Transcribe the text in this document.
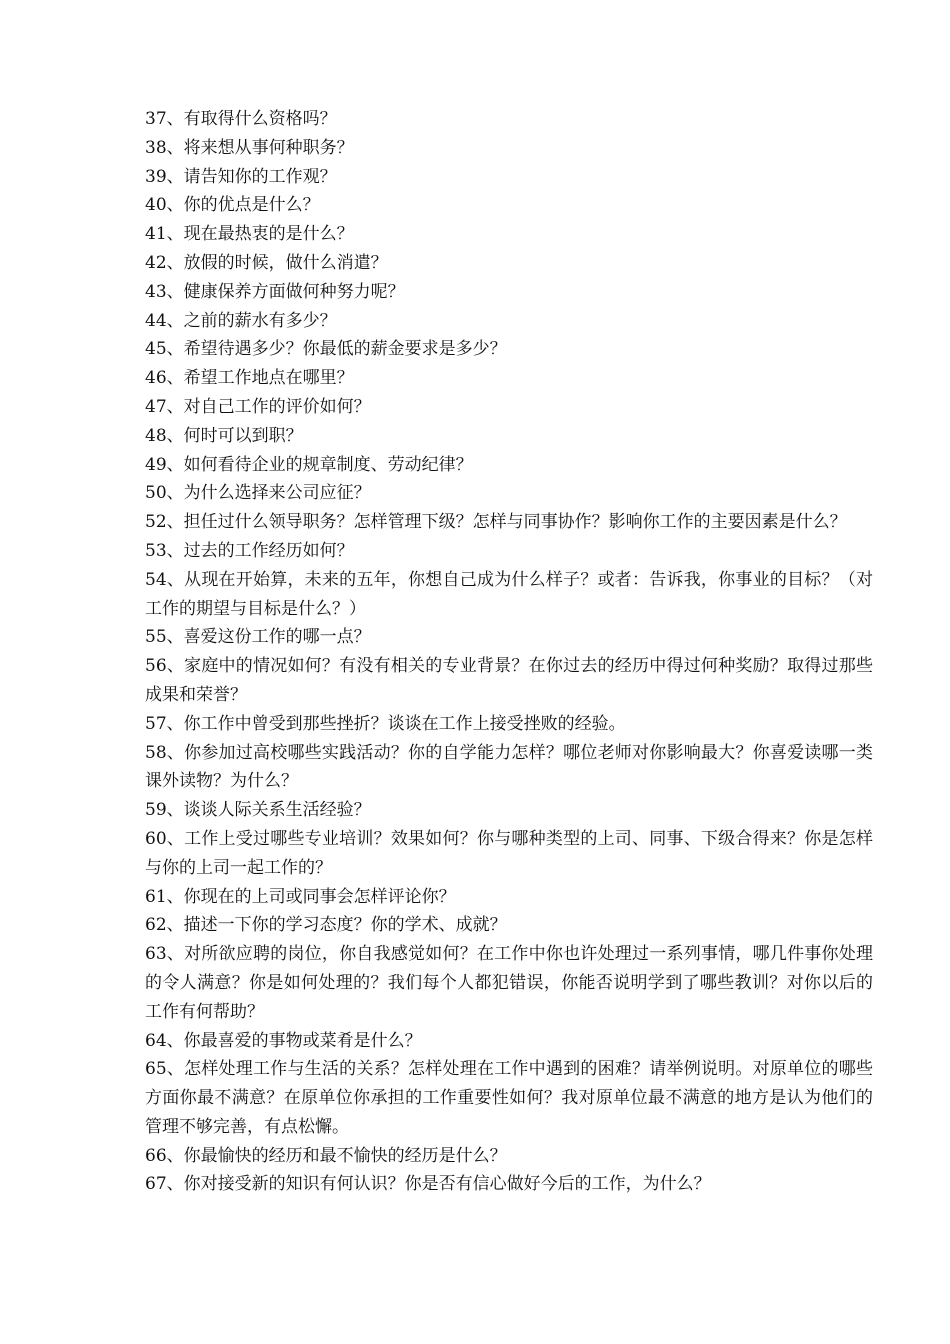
37、有取得什么资格吗？

38、将来想从事何种职务？

39、请告知你的工作观？

40、你的优点是什么？

41、现在最热衷的是什么？

42、放假的时候，做什么消遣？

43、健康保养方面做何种努力呢？

44、之前的薪水有多少？

45、希望待遇多少？你最低的薪金要求是多少？

46、希望工作地点在哪里？

47、对自己工作的评价如何？

48、何时可以到职？

49、如何看待企业的规章制度、劳动纪律？

50、为什么选择来公司应征？

52、担任过什么领导职务？怎样管理下级？怎样与同事协作？影响你工作的主要因素是什么？

53、过去的工作经历如何？

54、从现在开始算，未来的五年，你想自己成为什么样子？或者：告诉我，你事业的目标？（对工作的期望与目标是什么？）

55、喜爱这份工作的哪一点？

56、家庭中的情况如何？有没有相关的专业背景？在你过去的经历中得过何种奖励？取得过那些成果和荣誉？

57、你工作中曾受到那些挫折？谈谈在工作上接受挫败的经验。

58、你参加过高校哪些实践活动？你的自学能力怎样？哪位老师对你影响最大？你喜爱读哪一类课外读物？为什么？

59、谈谈人际关系生活经验？

60、工作上受过哪些专业培训？效果如何？你与哪种类型的上司、同事、下级合得来？你是怎样与你的上司一起工作的？

61、你现在的上司或同事会怎样评论你？

62、描述一下你的学习态度？你的学术、成就？

63、对所欲应聘的岗位，你自我感觉如何？在工作中你也许处理过一系列事情，哪几件事你处理的令人满意？你是如何处理的？我们每个人都犯错误，你能否说明学到了哪些教训？对你以后的工作有何帮助？

64、你最喜爱的事物或菜肴是什么？

65、怎样处理工作与生活的关系？怎样处理在工作中遇到的困难？请举例说明。对原单位的哪些方面你最不满意？在原单位你承担的工作重要性如何？我对原单位最不满意的地方是认为他们的管理不够完善，有点松懈。

66、你最愉快的经历和最不愉快的经历是什么？

67、你对接受新的知识有何认识？你是否有信心做好今后的工作，为什么？
